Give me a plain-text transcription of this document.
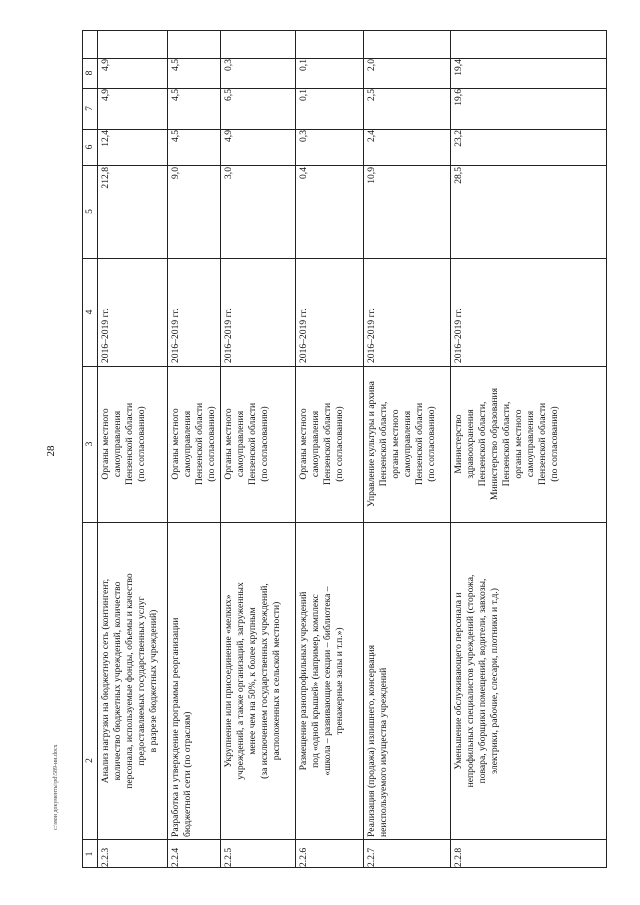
28
1
2
3
4
5
6
7
8
2.2.3
Анализ нагрузки на бюджетную сеть (контингент,
количество бюджетных учреждений, количество
персонала, используемые фонды, объемы и качество
предоставляемых государственных услуг
в разрезе бюджетных учреждений)
Органы местного
самоуправления
Пензенской области
(по согласованию)
2016–2019 гг.
212,8
12,4
4,9
4,9
2.2.4
Разработка и утверждение программы реорганизации
бюджетной сети (по отраслям)
Органы местного
самоуправления
Пензенской области
(по согласованию)
2016–2019 гг.
9,0
4,5
4,5
4,5
2.2.5
Укрупнение или присоединение «мелких»
учреждений, а также организаций, загруженных
менее чем на 50%, к более крупным
(за исключением государственных учреждений,
расположенных в сельской местности)
Органы местного
самоуправления
Пензенской области
(по согласованию)
2016–2019 гг.
3,0
4,9
6,5
0,3
2.2.6
Размещение разнопрофильных учреждений
под «одной крышей» (например, комплекс
«школа – развивающие секции – библиотека –
тренажерные залы и т.п.»)
Органы местного
самоуправления
Пензенской области
(по согласованию)
2016–2019 гг.
0,4
0,3
0,1
0,1
2.2.7
Реализация (продажа) излишнего, консервация
неиспользуемого имущества учреждений
Управление культуры и архива
Пензенской области,
органы местного
самоуправления
Пензенской области
(по согласованию)
2016–2019 гг.
10,9
2,4
2,5
2,0
2.2.8
Уменьшение обслуживающего персонала и
непрофильных специалистов учреждений (сторожа,
повара, уборщики помещений, водители, завхозы,
электрики, рабочие, слесари, плотники и т.д.)
Министерство
здравоохранения
Пензенской области,
Министерство образования
Пензенской области,
органы местного
самоуправления
Пензенской области
(по согласованию)
2016–2019 гг.
28,5
23,2
19,6
19,4
c:\мои документы\pd\589-ии.docx
